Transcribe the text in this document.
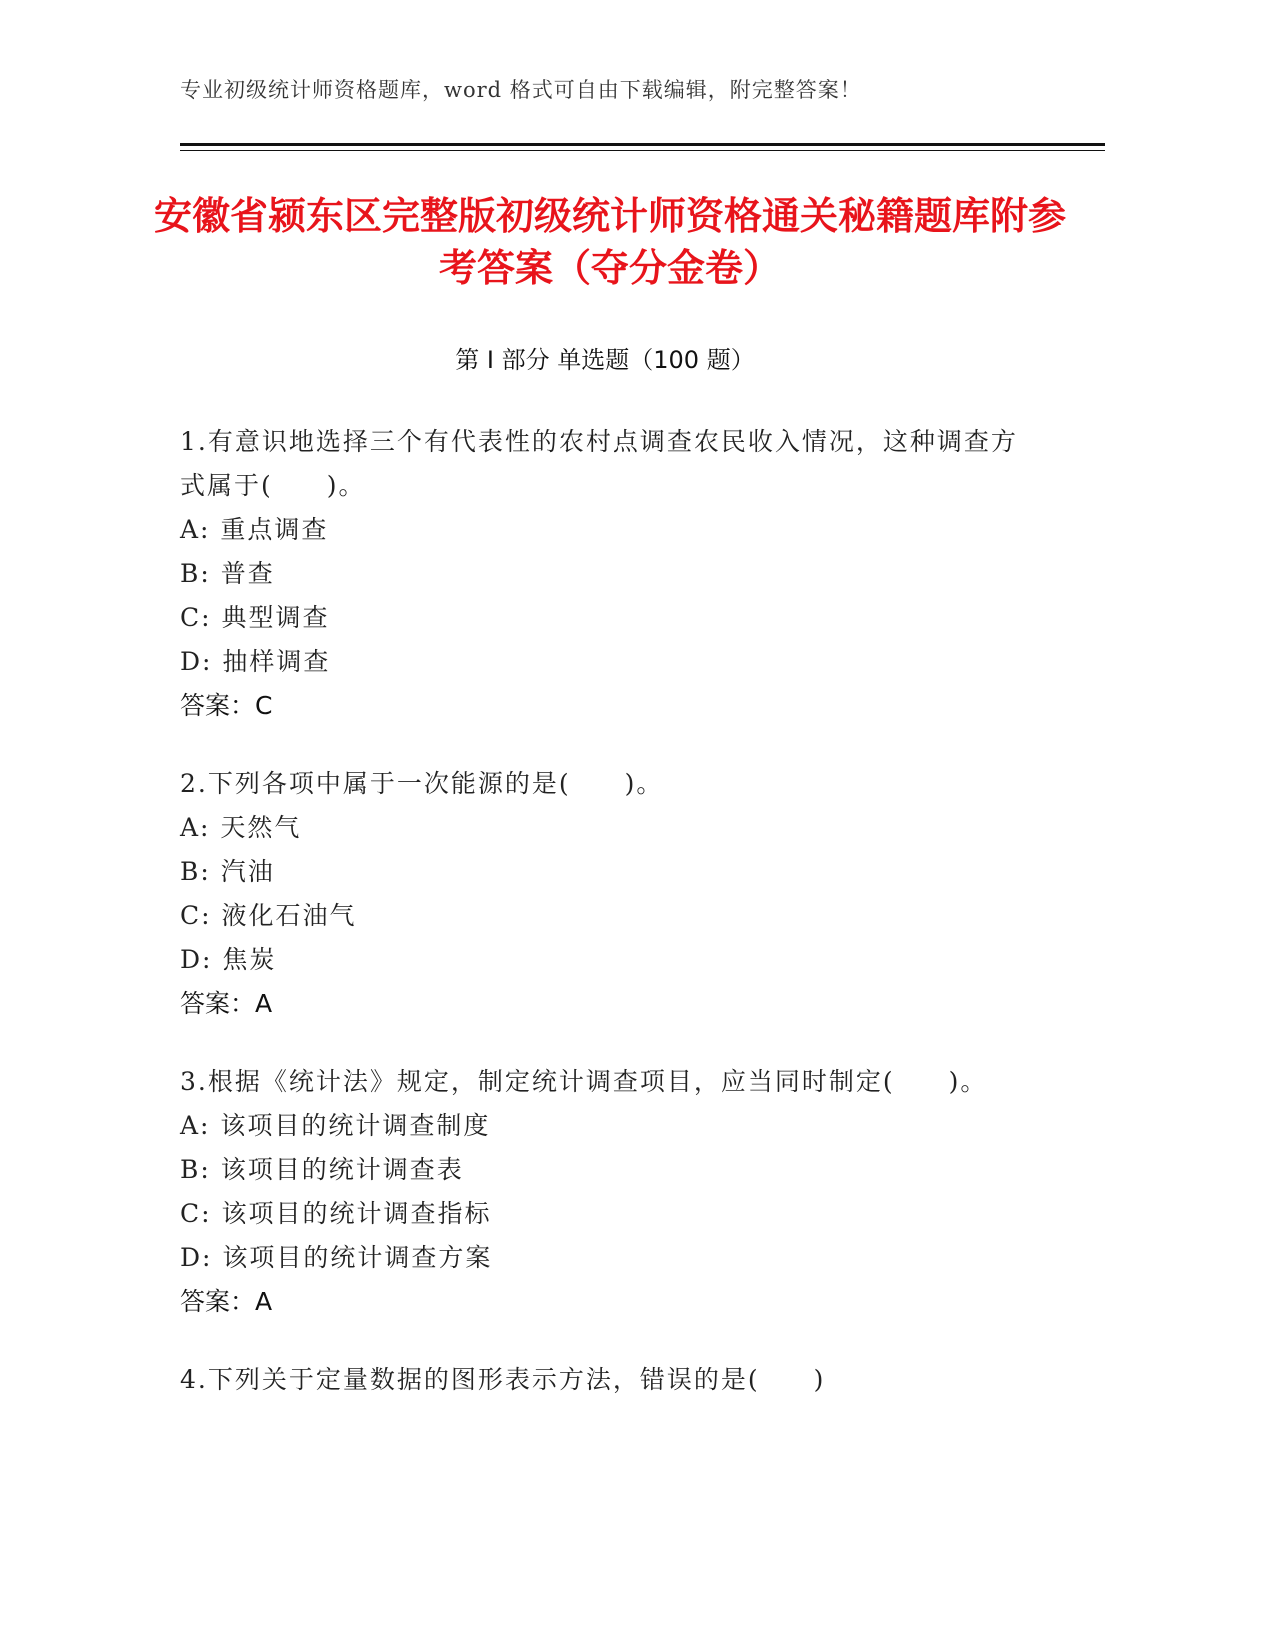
专业初级统计师资格题库，word 格式可自由下载编辑，附完整答案！
安徽省颍东区完整版初级统计师资格通关秘籍题库附参考答案（夺分金卷）
第 I 部分 单选题（100 题）

1.有意识地选择三个有代表性的农村点调查农民收入情况，这种调查方式属于(　　)。

A: 重点调查

B: 普查

C: 典型调查

D: 抽样调查

答案：C

2.下列各项中属于一次能源的是(　　)。

A: 天然气

B: 汽油

C: 液化石油气

D: 焦炭

答案：A

3.根据《统计法》规定，制定统计调查项目，应当同时制定(　　)。

A: 该项目的统计调查制度

B: 该项目的统计调查表

C: 该项目的统计调查指标

D: 该项目的统计调查方案

答案：A

4.下列关于定量数据的图形表示方法，错误的是(　　)
